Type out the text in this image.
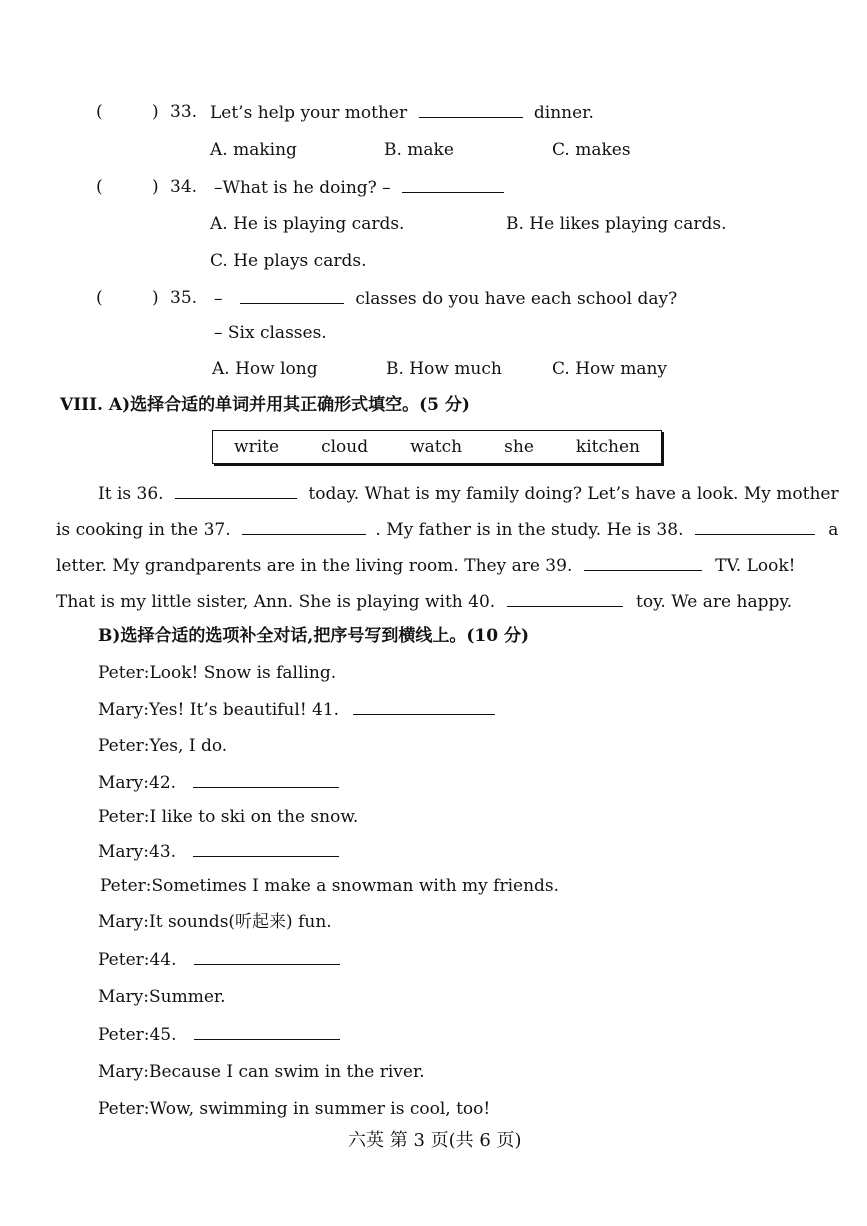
(	) 33. Let’s help your mother	dinner.
A. making	B. make	C. makes
(	) 34. –What is he doing? –
A. He is playing cards.	B. He likes playing cards.
C. He plays cards.
(	) 35. –	classes do you have each school day?
– Six classes.
A. How long	B. How much	C. How many
VIII. A)选择合适的单词并用其正确形式填空。(5 分)
write cloud watch she kitchen
It is 36.	today. What is my family doing? Let’s have a look. My mother
is cooking in the 37.	. My father is in the study. He is 38.	a
letter. My grandparents are in the living room. They are 39.	TV. Look!
That is my little sister, Ann. She is playing with 40.	toy. We are happy.
B)选择合适的选项补全对话,把序号写到横线上。(10 分)
Peter:Look! Snow is falling.
Mary:Yes! It’s beautiful! 41.
Peter:Yes, I do.
Mary:42.
Peter:I like to ski on the snow.
Mary:43.
Peter:Sometimes I make a snowman with my friends.
Mary:It sounds(听起来) fun.
Peter:44.
Mary:Summer.
Peter:45.
Mary:Because I can swim in the river.
Peter:Wow, swimming in summer is cool, too!
六英 第 3 页(共 6 页)
